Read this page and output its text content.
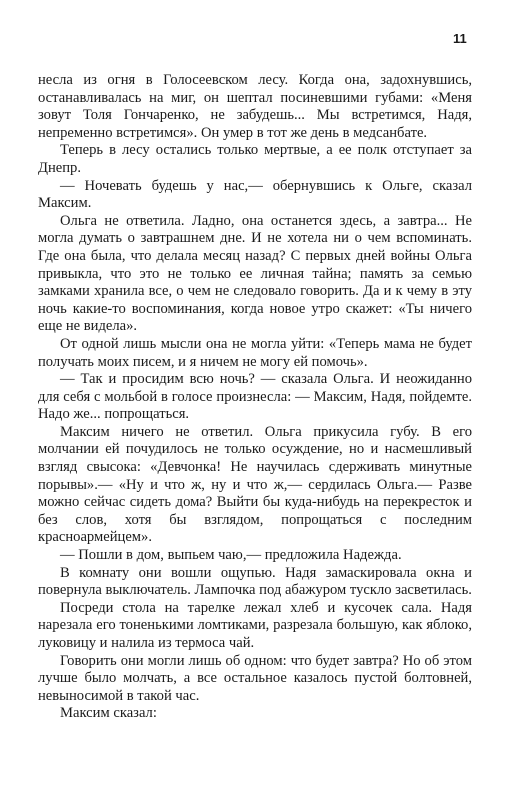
11

несла из огня в Голосеевском лесу. Когда она, задохнувшись, останавливалась на миг, он шептал посиневшими губами: «Меня зовут Толя Гончаренко, не забудешь... Мы встретимся, Надя, непременно встретимся». Он умер в тот же день в медсанбате.

Теперь в лесу остались только мертвые, а ее полк отступает за Днепр.

— Ночевать будешь у нас,— обернувшись к Ольге, сказал Максим.

Ольга не ответила. Ладно, она останется здесь, а завтра... Не могла думать о завтрашнем дне. И не хотела ни о чем вспоминать. Где она была, что делала месяц назад? С первых дней войны Ольга привыкла, что это не только ее личная тайна; память за семью замками хранила все, о чем не следовало говорить. Да и к чему в эту ночь какие-то воспоминания, когда новое утро скажет: «Ты ничего еще не видела».

От одной лишь мысли она не могла уйти: «Теперь мама не будет получать моих писем, и я ничем не могу ей помочь».

— Так и просидим всю ночь? — сказала Ольга. И неожиданно для себя с мольбой в голосе произнесла: — Максим, Надя, пойдемте. Надо же... попрощаться.

Максим ничего не ответил. Ольга прикусила губу. В его молчании ей почудилось не только осуждение, но и насмешливый взгляд свысока: «Девчонка! Не научилась сдерживать минутные порывы».— «Ну и что ж, ну и что ж,— сердилась Ольга.— Разве можно сейчас сидеть дома? Выйти бы куда-нибудь на перекресток и без слов, хотя бы взглядом, попрощаться с последним красноармейцем».

— Пошли в дом, выпьем чаю,— предложила Надежда.

В комнату они вошли ощупью. Надя замаскировала окна и повернула выключатель. Лампочка под абажуром тускло засветилась.

Посреди стола на тарелке лежал хлеб и кусочек сала. Надя нарезала его тоненькими ломтиками, разрезала большую, как яблоко, луковицу и налила из термоса чай.

Говорить они могли лишь об одном: что будет завтра? Но об этом лучше было молчать, а все остальное казалось пустой болтовней, невыносимой в такой час.

Максим сказал:
